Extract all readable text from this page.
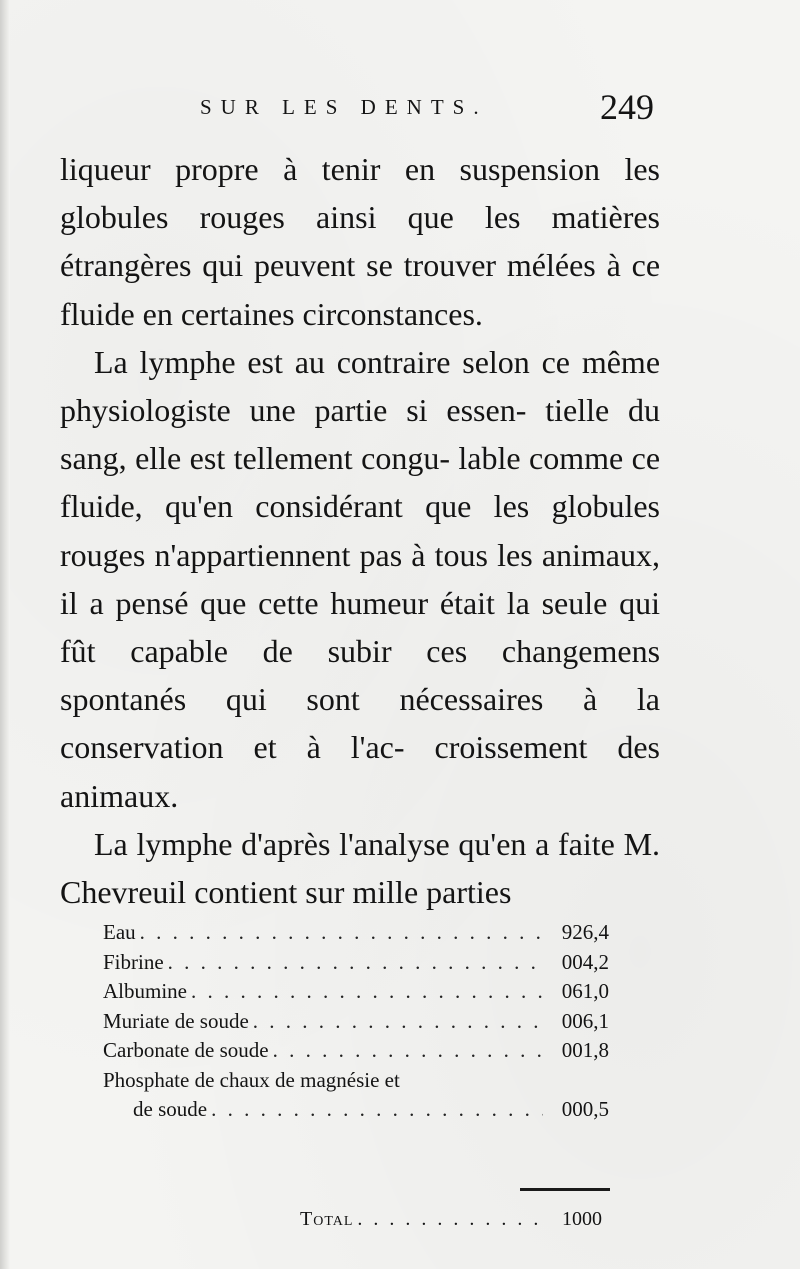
SUR LES DENTS.	249

liqueur propre à tenir en suspension les globules rouges ainsi que les matières étrangères qui peuvent se trouver mélées à ce fluide en certaines circonstances.

La lymphe est au contraire selon ce même physiologiste une partie si essen- tielle du sang, elle est tellement congu- lable comme ce fluide, qu'en considérant que les globules rouges n'appartiennent pas à tous les animaux, il a pensé que cette humeur était la seule qui fût capable de subir ces changemens spontanés qui sont nécessaires à la conservation et à l'ac- croissement des animaux.

La lymphe d'après l'analyse qu'en a faite M. Chevreuil contient sur mille parties

Eau . . .	926,4
Fibrine . . .	004,2
Albumine . . .	061,0
Muriate de soude . . .	006,1
Carbonate de soude . . .	001,8
Phosphate de chaux de magnésie et
de soude . . .	000,5
Total . . .	1000
